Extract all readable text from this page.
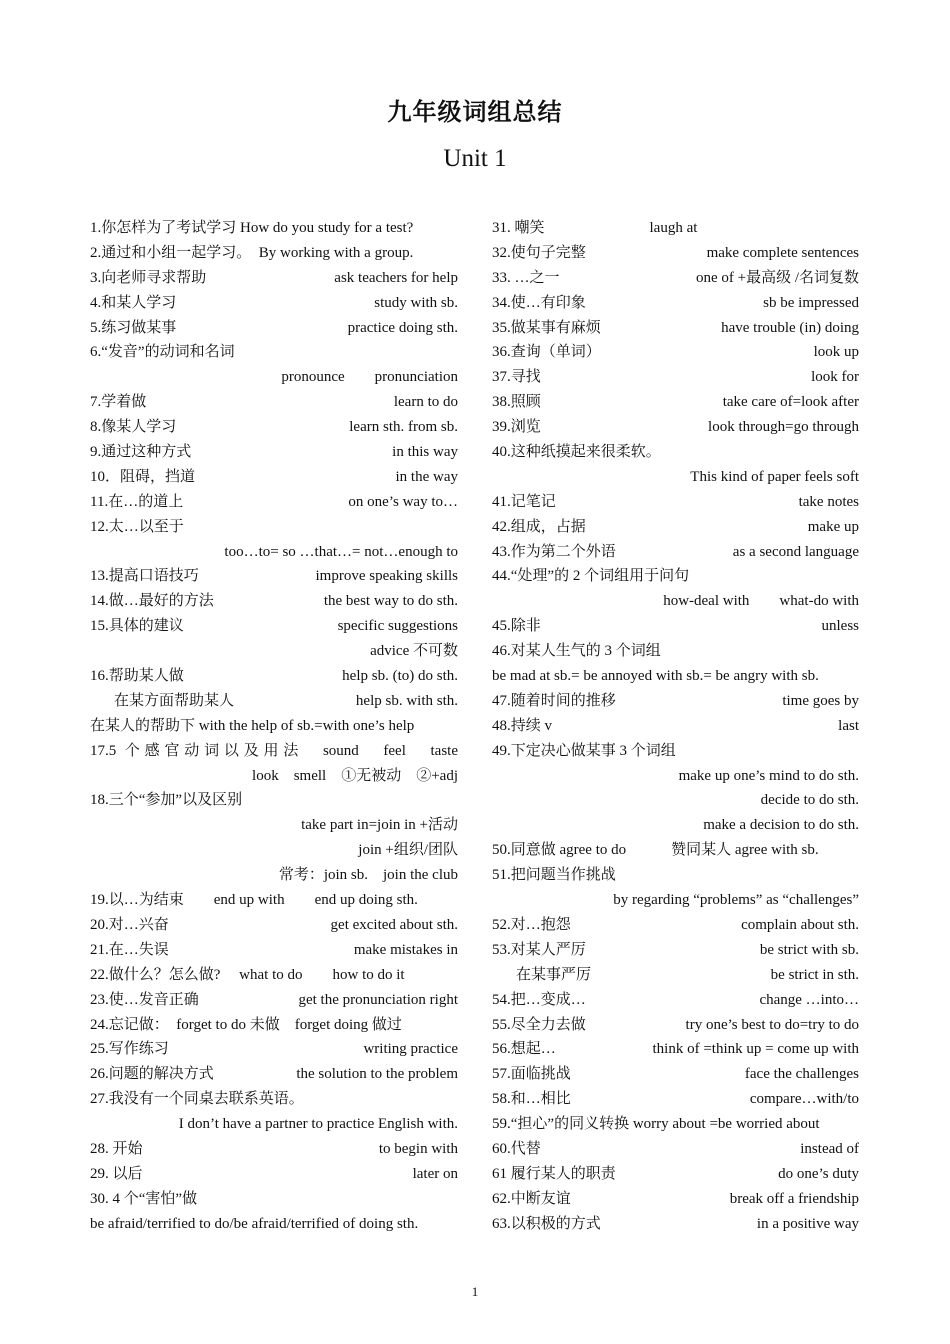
九年级词组总结
Unit 1
1.你怎样为了考试学习 How do you study for a test?
2.通过和小组一起学习。　By working with a group.
3.向老师寻求帮助	ask teachers for help
4.和某人学习	study with sb.
5.练习做某事	practice doing sth.
6.“发音”的动词和名词
pronounce　　pronunciation
7.学着做	learn to do
8.像某人学习	learn sth. from sb.
9.通过这种方式	in this way
10．阻碍，挡道	in the way
11.在…的道上	on one’s way to…
12.太…以至于
too…to= so …that…= not…enough to
13.提高口语技巧	improve speaking skills
14.做…最好的方法	the best way to do sth.
15.具体的建议	specific suggestions
advice 不可数
16.帮助某人做	help sb. (to) do sth.
在某方面帮助某人	help sb. with sth.
在某人的帮助下 with the help of sb.=with one’s help
17.5 个感官动词以及用法　sound　feel　taste
look　smell　①无被动　②+adj
18.三个“参加”以及区别
take part in=join in +活动
join +组织/团队
常考：join sb.　join the club
19.以…为结束　　end up with　　end up doing sth.
20.对…兴奋	get excited about sth.
21.在…失误	make mistakes in
22.做什么？怎么做?　 what to do　　how to do it
23.使…发音正确	get the pronunciation right
24.忘记做：　forget to do 未做　forget doing 做过
25.写作练习	writing practice
26.问题的解决方式	the solution to the problem
27.我没有一个同桌去联系英语。
I don’t have a partner to practice English with.
28. 开始	to begin with
29. 以后	later on
30. 4 个“害怕”做
be afraid/terrified to do/be afraid/terrified of doing sth.
31. 嘲笑　　　　　　　laugh at
32.使句子完整	make complete sentences
33. …之一	one of +最高级 /名词复数
34.使…有印象	sb be impressed
35.做某事有麻烦	have trouble (in) doing
36.查询（单词）	look up
37.寻找	look for
38.照顾	take care of=look after
39.浏览	look through=go through
40.这种纸摸起来很柔软。
This kind of paper feels soft
41.记笔记	take notes
42.组成，占据	make up
43.作为第二个外语	as a second language
44.“处理”的 2 个词组用于问句
how-deal with　　what-do with
45.除非	unless
46.对某人生气的 3 个词组
be mad at sb.= be annoyed with sb.= be angry with sb.
47.随着时间的推移	time goes by
48.持续 v	last
49.下定决心做某事 3 个词组
make up one’s mind to do sth.
decide to do sth.
make a decision to do sth.
50.同意做 agree to do　　　赞同某人 agree with sb.
51.把问题当作挑战
by regarding “problems” as “challenges”
52.对…抱怨	complain about sth.
53.对某人严厉	be strict with sb.
在某事严厉	be strict in sth.
54.把…变成…	change …into…
55.尽全力去做	try one’s best to do=try to do
56.想起…	think of =think up = come up with
57.面临挑战	face the challenges
58.和…相比	compare…with/to
59.“担心”的同义转换 worry about =be worried about
60.代替	instead of
61 履行某人的职责	do one’s duty
62.中断友谊	break off a friendship
63.以积极的方式	in a positive way
1
